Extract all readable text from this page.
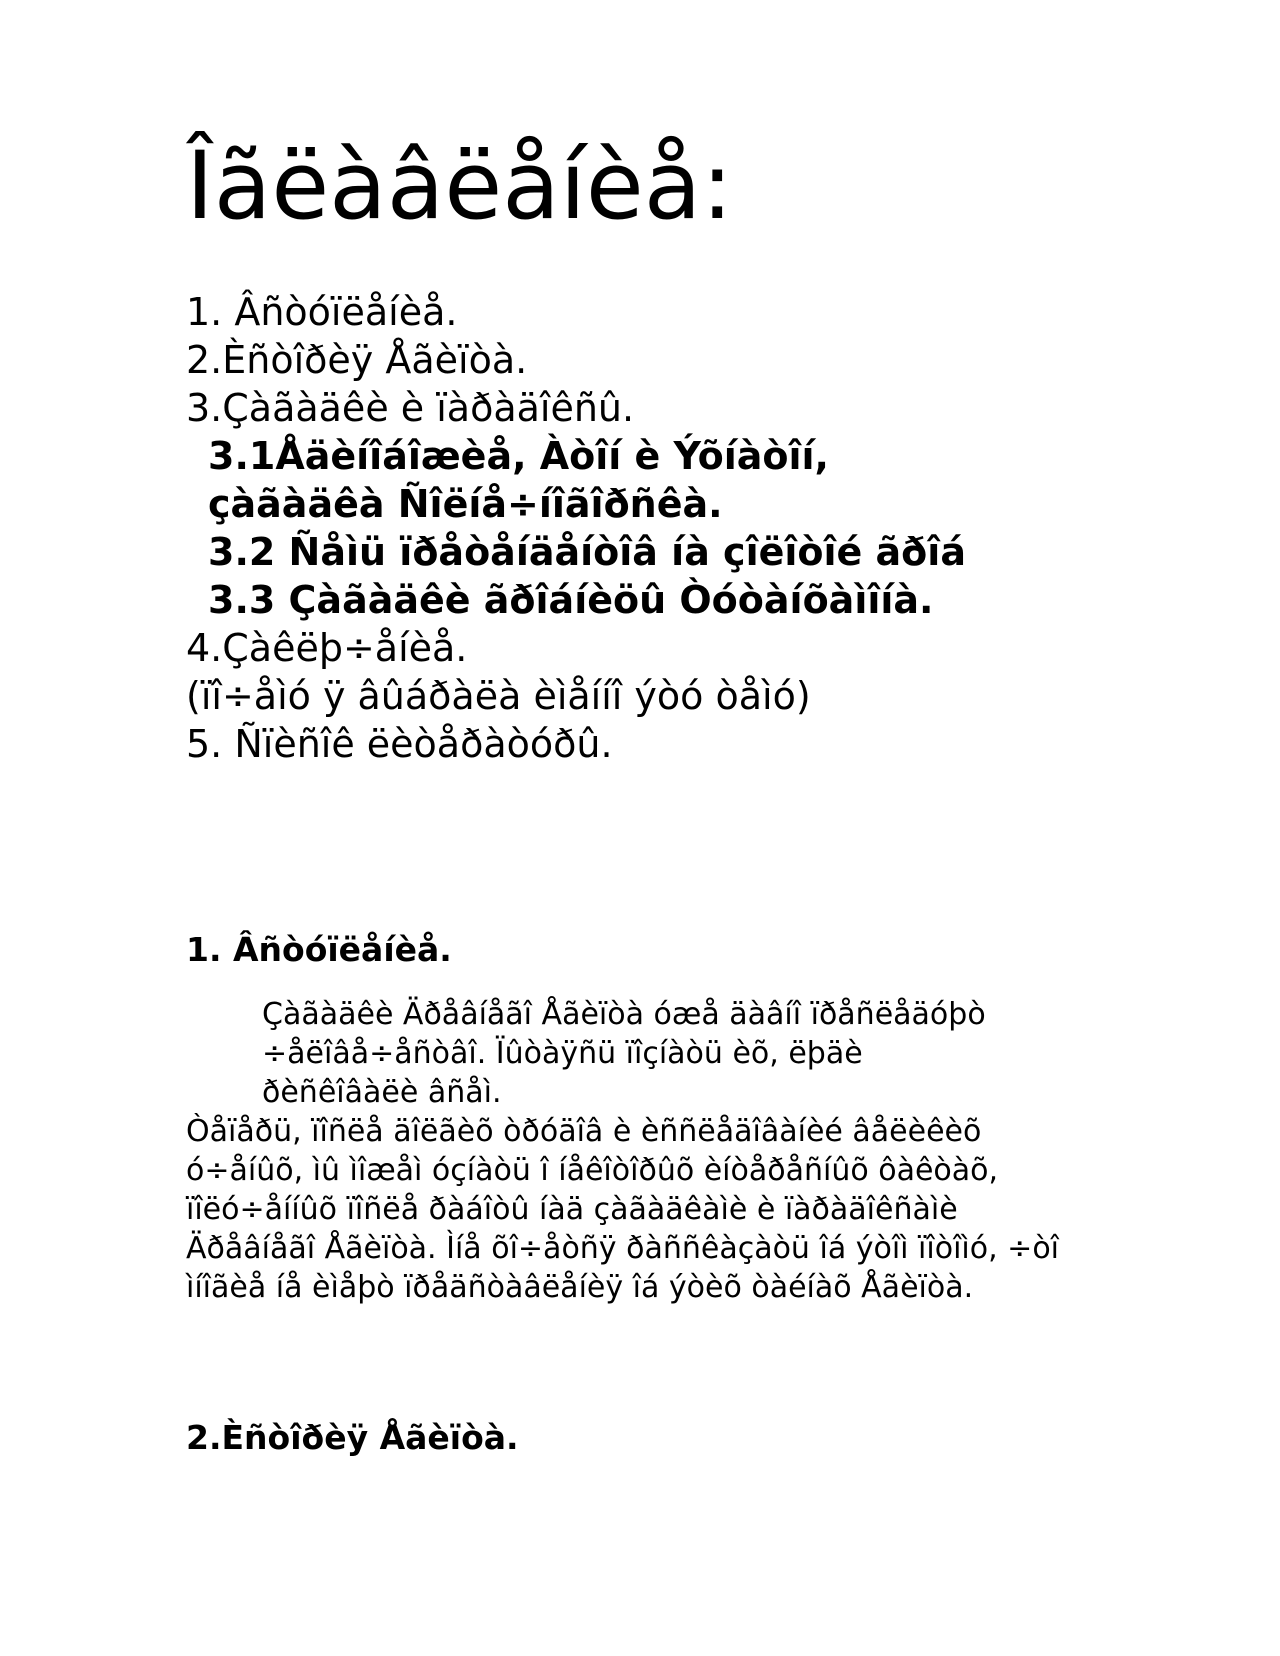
Îãëàâëåíèå:
1. Âñòóïëåíèå.
2.Èñòîðèÿ Åãèïòà.
3.Çàãàäêè è ïàðàäîêñû.
3.1Åäèíîáîæèå, Àòîí è Ýõíàòîí,
çàãàäêà Ñîëíå÷íîãîðñêà.
3.2 Ñåìü ïðåòåíäåíòîâ íà çîëîòîé ãðîá
3.3 Çàãàäêè ãðîáíèöû Òóòàíõàìîíà.
4.Çàêëþ÷åíèå.
(ïî÷åìó ÿ âûáðàëà èìåííî ýòó òåìó)
5. Ñïèñîê ëèòåðàòóðû.
1. Âñòóïëåíèå.

Çàãàäêè Äðåâíåãî Åãèïòà óæå äàâíî ïðåñëåäóþò ÷åëîâå÷åñòâî. Ïûòàÿñü ïîçíàòü èõ, ëþäè ðèñêîâàëè âñåì.
Òåïåðü, ïîñëå äîëãèõ òðóäîâ è èññëåäîâàíèé âåëèêèõ ó÷åíûõ, ìû ìîæåì óçíàòü î íåêîòîðûõ èíòåðåñíûõ ôàêòàõ, ïîëó÷åííûõ ïîñëå ðàáîòû íàä çàãàäêàìè è ïàðàäîêñàìè Äðåâíåãî Åãèïòà. Ìíå õî÷åòñÿ ðàññêàçàòü îá ýòîì ïîòîìó, ÷òî ìíîãèå íå èìåþò ïðåäñòàâëåíèÿ îá ýòèõ òàéíàõ Åãèïòà.

2.Èñòîðèÿ Åãèïòà.
